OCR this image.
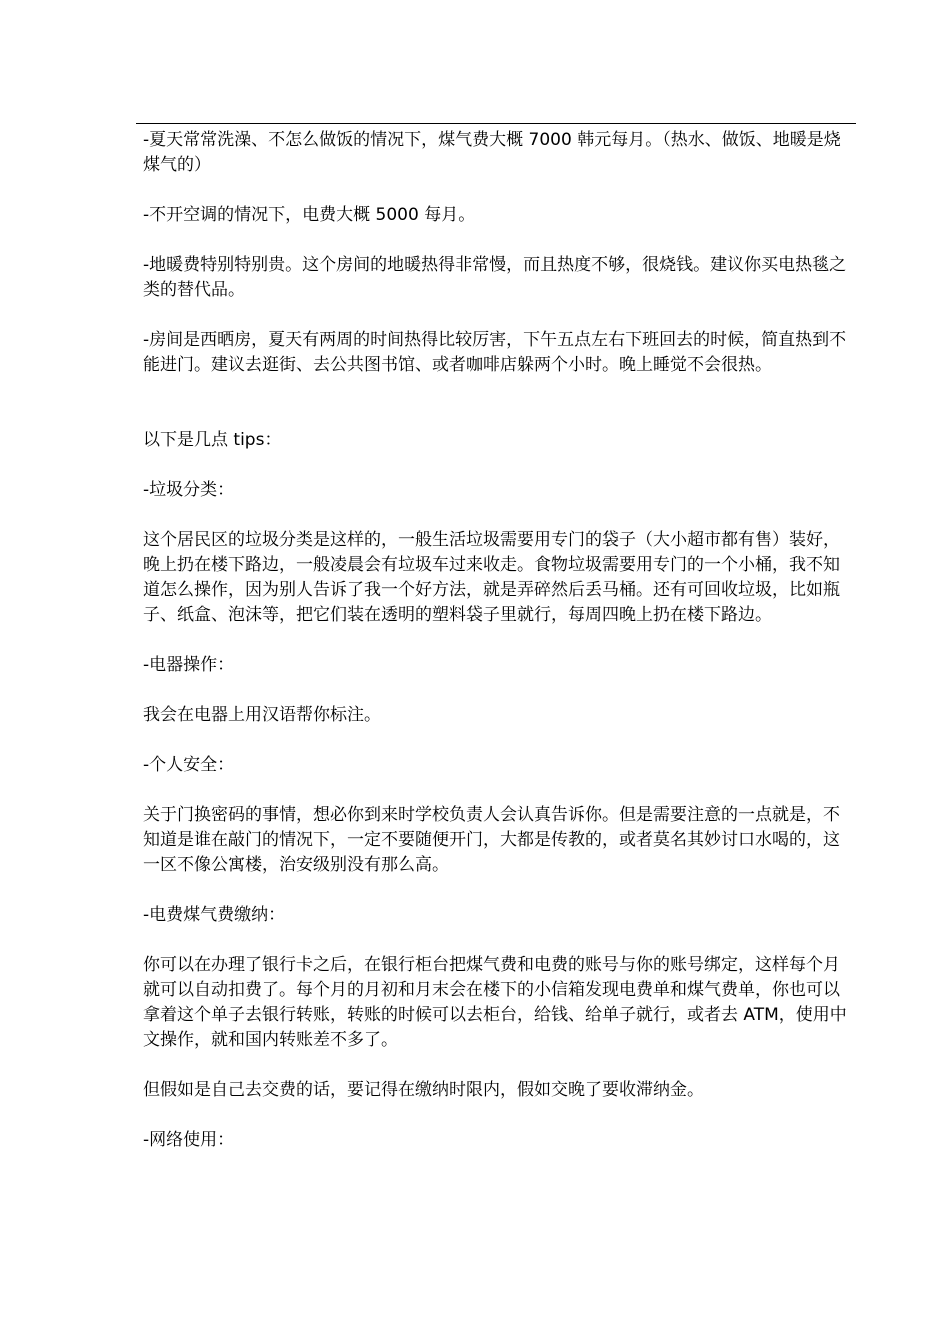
-夏天常常洗澡、不怎么做饭的情况下，煤气费大概 7000 韩元每月。（热水、做饭、地暖是烧煤气的）

-不开空调的情况下，电费大概 5000 每月。

-地暖费特别特别贵。这个房间的地暖热得非常慢，而且热度不够，很烧钱。建议你买电热毯之类的替代品。

-房间是西晒房，夏天有两周的时间热得比较厉害，下午五点左右下班回去的时候，简直热到不能进门。建议去逛街、去公共图书馆、或者咖啡店躲两个小时。晚上睡觉不会很热。

以下是几点 tips：

-垃圾分类：

这个居民区的垃圾分类是这样的，一般生活垃圾需要用专门的袋子（大小超市都有售）装好，晚上扔在楼下路边，一般凌晨会有垃圾车过来收走。食物垃圾需要用专门的一个小桶，我不知道怎么操作，因为别人告诉了我一个好方法，就是弄碎然后丢马桶。还有可回收垃圾，比如瓶子、纸盒、泡沫等，把它们装在透明的塑料袋子里就行，每周四晚上扔在楼下路边。

-电器操作：

我会在电器上用汉语帮你标注。

-个人安全：

关于门换密码的事情，想必你到来时学校负责人会认真告诉你。但是需要注意的一点就是，不知道是谁在敲门的情况下，一定不要随便开门，大都是传教的，或者莫名其妙讨口水喝的，这一区不像公寓楼，治安级别没有那么高。

-电费煤气费缴纳：

你可以在办理了银行卡之后，在银行柜台把煤气费和电费的账号与你的账号绑定，这样每个月就可以自动扣费了。每个月的月初和月末会在楼下的小信箱发现电费单和煤气费单，你也可以拿着这个单子去银行转账，转账的时候可以去柜台，给钱、给单子就行，或者去 ATM，使用中文操作，就和国内转账差不多了。

但假如是自己去交费的话，要记得在缴纳时限内，假如交晚了要收滞纳金。

-网络使用：
